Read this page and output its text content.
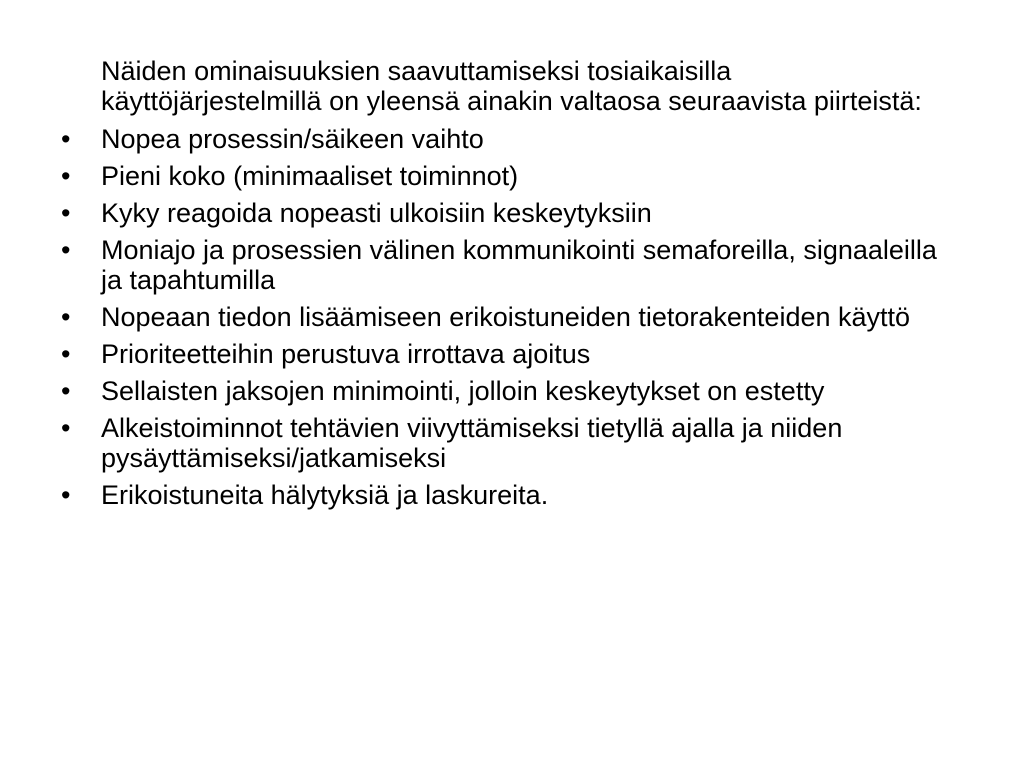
Näiden ominaisuuksien saavuttamiseksi tosiaikaisilla käyttöjärjestelmillä on yleensä ainakin valtaosa seuraavista piirteistä:

• Nopea prosessin/säikeen vaihto
• Pieni koko (minimaaliset toiminnot)
• Kyky reagoida nopeasti ulkoisiin keskeytyksiin
• Moniajo ja prosessien välinen kommunikointi semaforeilla, signaaleilla ja tapahtumilla
• Nopeaan tiedon lisäämiseen erikoistuneiden tietorakenteiden käyttö
• Prioriteetteihin perustuva irrottava ajoitus
• Sellaisten jaksojen minimointi, jolloin keskeytykset on estetty
• Alkeistoiminnot tehtävien viivyttämiseksi tietyllä ajalla ja niiden pysäyttämiseksi/jatkamiseksi
• Erikoistuneita hälytyksiä ja laskureita.
